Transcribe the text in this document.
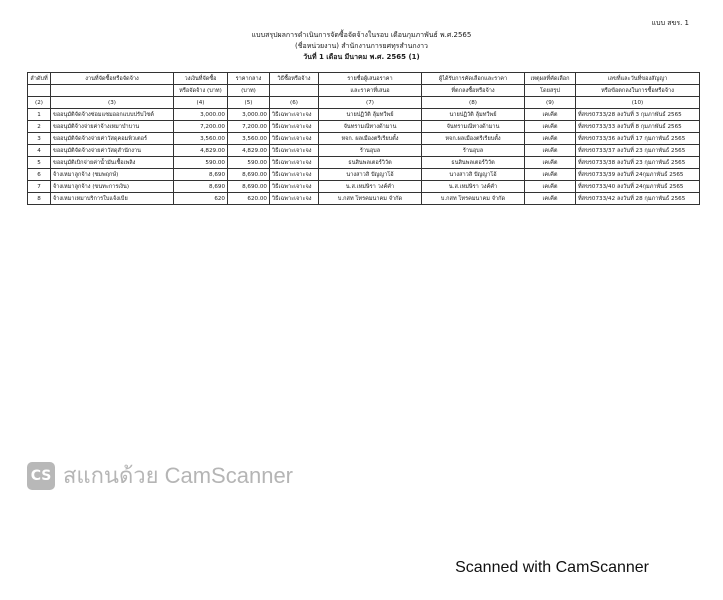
แบบ สขร. 1
แบบสรุปผลการดำเนินการจัดซื้อจัดจ้างในรอบ เดือนกุมภาพันธ์ พ.ศ.2565
(ชื่อหน่วยงาน) สำนักงานการยศทุรสำนกงาว
วันที่ 1 เดือน มีนาคม พ.ศ. 2565 (1)
ลำดับที่	งานที่จัดซื้อหรือจัดจ้าง	วงเงินที่จัดซื้อ	ราคากลาง	วิธีซื้อหรือจ้าง	รายชื่อผู้เสนอราคา	ผู้ได้รับการคัดเลือกและราคา	เหตุผลที่คัดเลือก	เลขที่และวันที่ของสัญญา
		หรือจัดจ้าง (บาท)	(บาท)		และราคาที่เสนอ	ที่ตกลงซื้อหรือจ้าง	โดยสรุป	หรือข้อตกลงในการซื้อหรือจ้าง
(2)	(3)	(4)	(5)	(6)	(7)	(8)	(9)	(10)
1	ขออนุมัติจัดจ้างซ่อมแซมออกแบบปรับไซต์	3,000.00	3,000.00	วิธีเฉพาะเจาะจง	นายปฏิวัติ ลุ้มทวีพย์	นายปฏิวัติ ลุ้มทวีพย์	เคเคีต	ที่สขร0733/28 ลงวันที่ 3 กุมภาพันธ์ 2565
2	ขออนุมัติจ้างจ่ายค่าจ้างเหมาบำบาน	7,200.00	7,200.00	วิธีเฉพาะเจาะจง	จันทรามณีทางด้ามาน	จันทรามณีทางด้ามาน	เคเคีต	ที่สขร0733/33 ลงวันที่ 8 กุมภาพันธ์ 2565
3	ขออนุมัติจัดจ้างจ่ายค่าวัสดุคอมพิวเตอร์	3,560.00	3,560.00	วิธีเฉพาะเจาะจง	หจก. ผลเมืองตรีเรียบตั้ง	หจก.ผลเมืองตรีเรียบตั้ง	เคเคีต	ที่สขร0733/36 ลงวันที่ 17 กุมภาพันธ์ 2565
4	ขออนุมัติจัดจ้างจ่ายค่าวัสดุสำนักงาน	4,829.00	4,829.00	วิธีเฉพาะเจาะจง	ร้านอุบล	ร้านอุบล	เคเคีต	ที่สขร0733/37 ลงวันที่ 23 กุมภาพันธ์ 2565
5	ขออนุมัติเบิกจ่ายค่าน้ำมันเชื้อเพลิง	590.00	590.00	วิธีเฉพาะเจาะจง	ธนสินพลเตอร์วิวัต	ธนสินพลเตอร์วิวัต	เคเคีต	ที่สขร0733/38 ลงวันที่ 23 กุมภาพันธ์ 2565
6	จ้างเหมาลูกจ้าง (ชมพฤกษ์)	8,690	8,690.00	วิธีเฉพาะเจาะจง	นางสาวสิ ปัญญาโอ้	นางสาวสิ ปัญญาโอ้	เคเคีต	ที่สขร0733/39 ลงวันที่ 24กุมภาพันธ์ 2565
7	จ้างเหมาลูกจ้าง (ขนทะการเงิน)	8,690	8,690.00	วิธีเฉพาะเจาะจง	น.ส.เหม่ษิรา วงค์คำ	น.ส.เหม่ษิรา วงค์คำ	เคเคีต	ที่สขร0733/40 ลงวันที่ 24กุมภาพันธ์ 2565
8	จ้างเหมาเหมาบริการใบแจ้งเบีย	620	620.00	วิธีเฉพาะเจาะจง	บ.กสท โทรคมนาคม จำกัด	บ.กสท โทรคมนาคม จำกัด	เคเคีต	ที่สขร0733/42 ลงวันที่ 28 กุมภาพันธ์ 2565
CS สแกนด้วย CamScanner
Scanned with CamScanner
